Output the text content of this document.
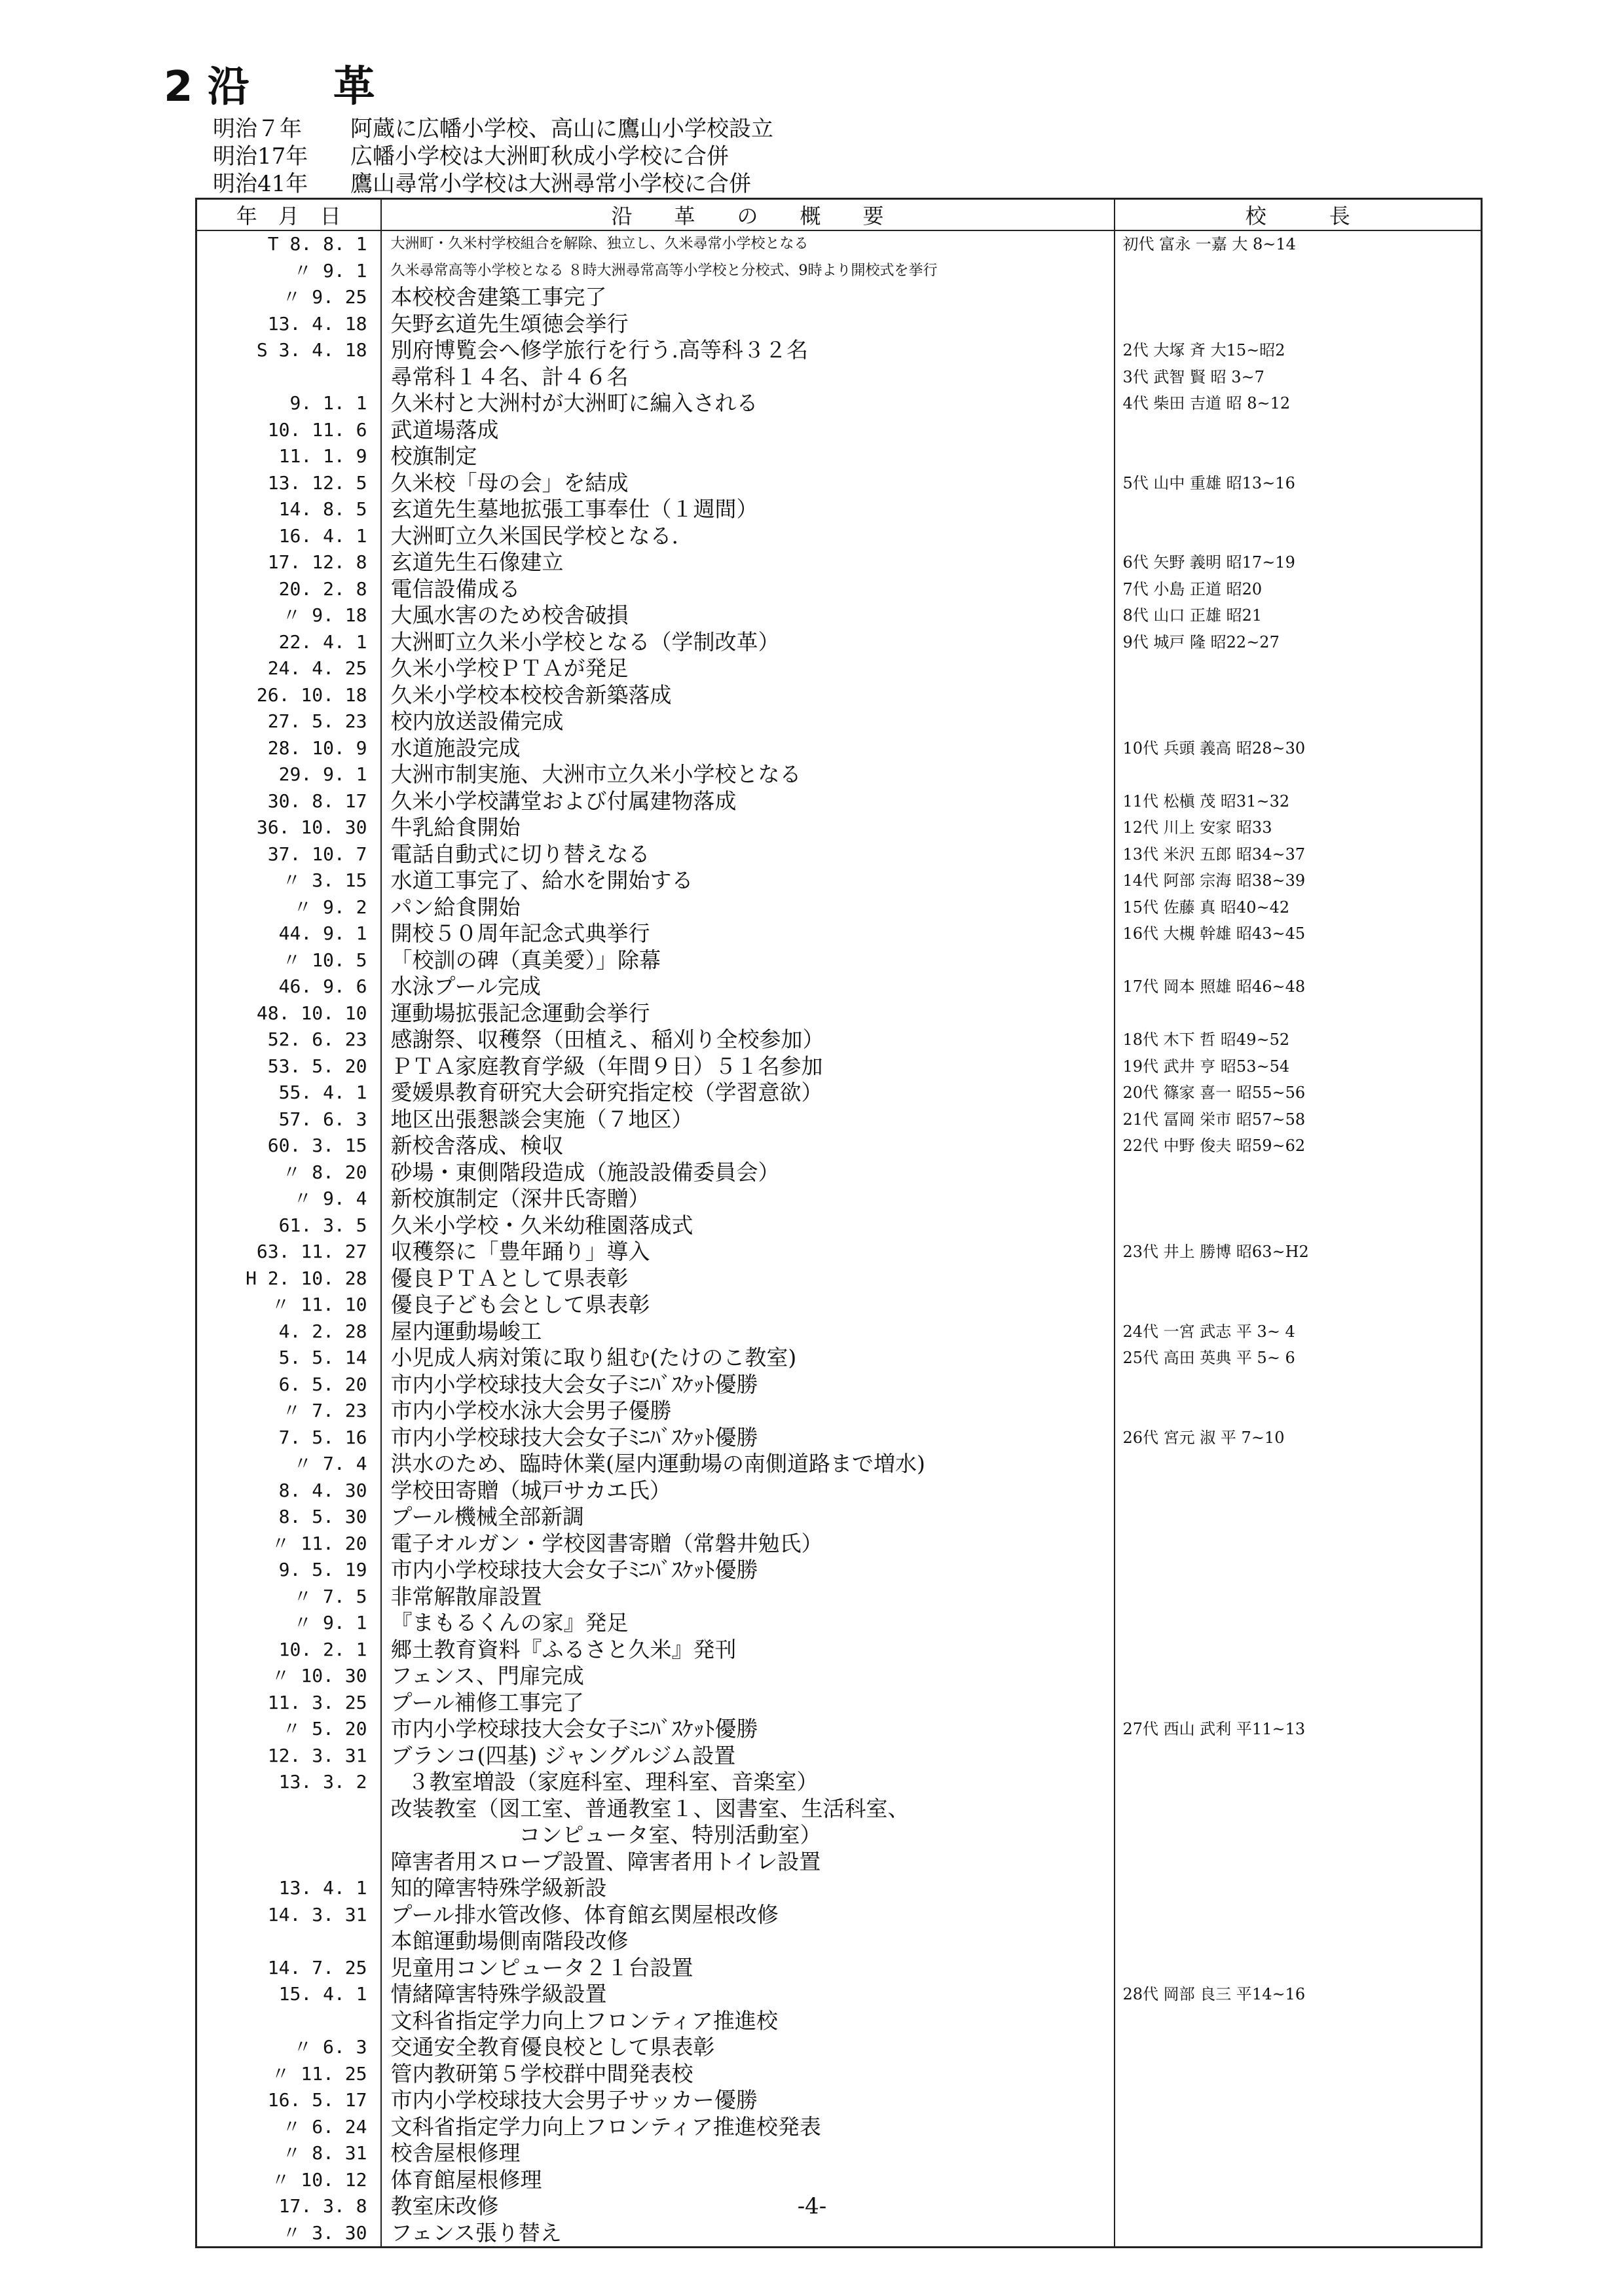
2 沿　　革
明治７年 阿蔵に広幡小学校、高山に鷹山小学校設立
明治17年 広幡小学校は大洲町秋成小学校に合併
明治41年 鷹山尋常小学校は大洲尋常小学校に合併
年　月　日	沿　　革　　の　　概　　要	校　　　長
T 8. 8. 1	大洲町・久米村学校組合を解除、独立し、久米尋常小学校となる	初代 富永 一嘉 大 8~14
〃 9. 1	久米尋常高等小学校となる ８時大洲尋常高等小学校と分校式、9時より開校式を挙行	
〃 9. 25	本校校舎建築工事完了	
13. 4. 18	矢野玄道先生頌徳会挙行	
S 3. 4. 18	別府博覧会へ修学旅行を行う.高等科３２名	2代 大塚 斉 大15~昭2
	尋常科１４名、計４６名	3代 武智 賢 昭 3~7
9. 1. 1	久米村と大洲村が大洲町に編入される	4代 柴田 吉道 昭 8~12
10. 11. 6	武道場落成	
11. 1. 9	校旗制定	
13. 12. 5	久米校「母の会」を結成	5代 山中 重雄 昭13~16
14. 8. 5	玄道先生墓地拡張工事奉仕（１週間）	
16. 4. 1	大洲町立久米国民学校となる.	
17. 12. 8	玄道先生石像建立	6代 矢野 義明 昭17~19
20. 2. 8	電信設備成る	7代 小島 正道 昭20
〃 9. 18	大風水害のため校舎破損	8代 山口 正雄 昭21
22. 4. 1	大洲町立久米小学校となる（学制改革）	9代 城戸 隆 昭22~27
24. 4. 25	久米小学校ＰＴＡが発足	
26. 10. 18	久米小学校本校校舎新築落成	
27. 5. 23	校内放送設備完成	
28. 10. 9	水道施設完成	10代 兵頭 義高 昭28~30
29. 9. 1	大洲市制実施、大洲市立久米小学校となる	
30. 8. 17	久米小学校講堂および付属建物落成	11代 松槇 茂 昭31~32
36. 10. 30	牛乳給食開始	12代 川上 安家 昭33
37. 10. 7	電話自動式に切り替えなる	13代 米沢 五郎 昭34~37
〃 3. 15	水道工事完了、給水を開始する	14代 阿部 宗海 昭38~39
〃 9. 2	パン給食開始	15代 佐藤 真 昭40~42
44. 9. 1	開校５０周年記念式典挙行	16代 大槻 幹雄 昭43~45
〃 10. 5	「校訓の碑（真美愛）」除幕	
46. 9. 6	水泳プール完成	17代 岡本 照雄 昭46~48
48. 10. 10	運動場拡張記念運動会挙行	
52. 6. 23	感謝祭、収穫祭（田植え、稲刈り全校参加）	18代 木下 哲 昭49~52
53. 5. 20	ＰＴＡ家庭教育学級（年間９日）５１名参加	19代 武井 亨 昭53~54
55. 4. 1	愛媛県教育研究大会研究指定校（学習意欲）	20代 篠家 喜一 昭55~56
57. 6. 3	地区出張懇談会実施（７地区）	21代 冨岡 栄市 昭57~58
60. 3. 15	新校舎落成、検収	22代 中野 俊夫 昭59~62
〃 8. 20	砂場・東側階段造成（施設設備委員会）	
〃 9. 4	新校旗制定（深井氏寄贈）	
61. 3. 5	久米小学校・久米幼稚園落成式	
63. 11. 27	収穫祭に「豊年踊り」導入	23代 井上 勝博 昭63~H2
H 2. 10. 28	優良ＰＴＡとして県表彰	
〃 11. 10	優良子ども会として県表彰	
4. 2. 28	屋内運動場峻工	24代 一宮 武志 平 3~ 4
5. 5. 14	小児成人病対策に取り組む(たけのこ教室)	25代 高田 英典 平 5~ 6
6. 5. 20	市内小学校球技大会女子ﾐﾆﾊﾞｽｹｯﾄ優勝	
〃 7. 23	市内小学校水泳大会男子優勝	
7. 5. 16	市内小学校球技大会女子ﾐﾆﾊﾞｽｹｯﾄ優勝	26代 宮元 淑 平 7~10
〃 7. 4	洪水のため、臨時休業(屋内運動場の南側道路まで増水)	
8. 4. 30	学校田寄贈（城戸サカエ氏）	
8. 5. 30	プール機械全部新調	
〃 11. 20	電子オルガン・学校図書寄贈（常磐井勉氏）	
9. 5. 19	市内小学校球技大会女子ﾐﾆﾊﾞｽｹｯﾄ優勝	
〃 7. 5	非常解散扉設置	
〃 9. 1	『まもるくんの家』発足	
10. 2. 1	郷土教育資料『ふるさと久米』発刊	
〃 10. 30	フェンス、門扉完成	
11. 3. 25	プール補修工事完了	
〃 5. 20	市内小学校球技大会女子ﾐﾆﾊﾞｽｹｯﾄ優勝	27代 西山 武利 平11~13
12. 3. 31	ブランコ(四基) ジャングルジム設置	
13. 3. 2	３教室増設（家庭科室、理科室、音楽室）	
	改装教室（図工室、普通教室１、図書室、生活科室、	
	コンピュータ室、特別活動室）	
	障害者用スロープ設置、障害者用トイレ設置	
13. 4. 1	知的障害特殊学級新設	
14. 3. 31	プール排水管改修、体育館玄関屋根改修	
	本館運動場側南階段改修	
14. 7. 25	児童用コンピュータ２１台設置	
15. 4. 1	情緒障害特殊学級設置	28代 岡部 良三 平14~16
	文科省指定学力向上フロンティア推進校	
〃 6. 3	交通安全教育優良校として県表彰	
〃 11. 25	管内教研第５学校群中間発表校	
16. 5. 17	市内小学校球技大会男子サッカー優勝	
〃 6. 24	文科省指定学力向上フロンティア推進校発表	
〃 8. 31	校舎屋根修理	
〃 10. 12	体育館屋根修理	
17. 3. 8	教室床改修	
〃 3. 30	フェンス張り替え	
-4-
